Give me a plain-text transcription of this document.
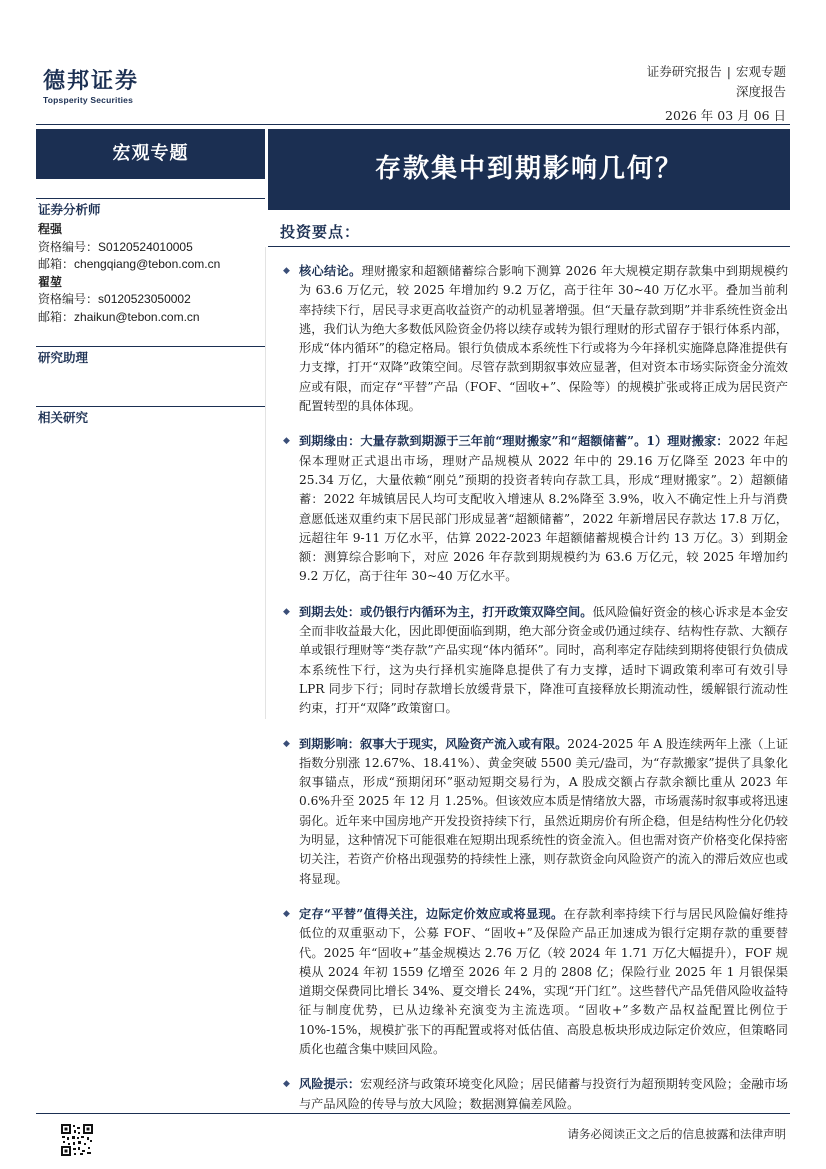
德邦证券
Topsperity Securities
证券研究报告 | 宏观专题
深度报告
2026 年 03 月 06 日
宏观专题
存款集中到期影响几何？
证券分析师
程强
资格编号：S0120524010005
邮箱：chengqiang@tebon.com.cn
翟堃
资格编号：s0120523050002
邮箱：zhaikun@tebon.com.cn
研究助理
相关研究
投资要点：
◆ 核心结论。理财搬家和超额储蓄综合影响下测算 2026 年大规模定期存款集中到期规模约为 63.6 万亿元，较 2025 年增加约 9.2 万亿，高于往年 30~40 万亿水平。叠加当前利率持续下行，居民寻求更高收益资产的动机显著增强。但“天量存款到期”并非系统性资金出逃，我们认为绝大多数低风险资金仍将以续存或转为银行理财的形式留存于银行体系内部，形成“体内循环”的稳定格局。银行负债成本系统性下行或将为今年择机实施降息降准提供有力支撑，打开“双降”政策空间。尽管存款到期叙事效应显著，但对资本市场实际资金分流效应或有限，而定存“平替”产品（FOF、“固收+”、保险等）的规模扩张或将正成为居民资产配置转型的具体体现。
◆ 到期缘由：大量存款到期源于三年前“理财搬家”和“超额储蓄”。1）理财搬家：2022 年起保本理财正式退出市场，理财产品规模从 2022 年中的 29.16 万亿降至 2023 年中的 25.34 万亿，大量依赖“刚兑”预期的投资者转向存款工具，形成“理财搬家”。2）超额储蓄：2022 年城镇居民人均可支配收入增速从 8.2%降至 3.9%，收入不确定性上升与消费意愿低迷双重约束下居民部门形成显著“超额储蓄”，2022 年新增居民存款达 17.8 万亿，远超往年 9-11 万亿水平，估算 2022-2023 年超额储蓄规模合计约 13 万亿。3）到期金额：测算综合影响下，对应 2026 年存款到期规模约为 63.6 万亿元，较 2025 年增加约 9.2 万亿，高于往年 30~40 万亿水平。
◆ 到期去处：或仍银行内循环为主，打开政策双降空间。低风险偏好资金的核心诉求是本金安全而非收益最大化，因此即便面临到期，绝大部分资金或仍通过续存、结构性存款、大额存单或银行理财等“类存款”产品实现“体内循环”。同时，高利率定存陆续到期将使银行负债成本系统性下行，这为央行择机实施降息提供了有力支撑，适时下调政策利率可有效引导 LPR 同步下行；同时存款增长放缓背景下，降准可直接释放长期流动性，缓解银行流动性约束，打开“双降”政策窗口。
◆ 到期影响：叙事大于现实，风险资产流入或有限。2024-2025 年 A 股连续两年上涨（上证指数分别涨 12.67%、18.41%）、黄金突破 5500 美元/盎司，为“存款搬家”提供了具象化叙事锚点，形成“预期闭环”驱动短期交易行为，A 股成交额占存款余额比重从 2023 年 0.6%升至 2025 年 12 月 1.25%。但该效应本质是情绪放大器，市场震荡时叙事或将迅速弱化。近年来中国房地产开发投资持续下行，虽然近期房价有所企稳，但是结构性分化仍较为明显，这种情况下可能很难在短期出现系统性的资金流入。但也需对资产价格变化保持密切关注，若资产价格出现强势的持续性上涨，则存款资金向风险资产的流入的滞后效应也或将显现。
◆ 定存“平替”值得关注，边际定价效应或将显现。在存款利率持续下行与居民风险偏好维持低位的双重驱动下，公募 FOF、“固收+”及保险产品正加速成为银行定期存款的重要替代。2025 年“固收+”基金规模达 2.76 万亿（较 2024 年 1.71 万亿大幅提升），FOF 规模从 2024 年初 1559 亿增至 2026 年 2 月的 2808 亿；保险行业 2025 年 1 月银保渠道期交保费同比增长 34%、夏交增长 24%，实现“开门红”。这些替代产品凭借风险收益特征与制度优势，已从边缘补充演变为主流选项。“固收+”多数产品权益配置比例位于 10%-15%，规模扩张下的再配置或将对低估值、高股息板块形成边际定价效应，但策略同质化也蕴含集中赎回风险。
◆ 风险提示：宏观经济与政策环境变化风险；居民储蓄与投资行为超预期转变风险；金融市场与产品风险的传导与放大风险；数据测算偏差风险。
请务必阅读正文之后的信息披露和法律声明
